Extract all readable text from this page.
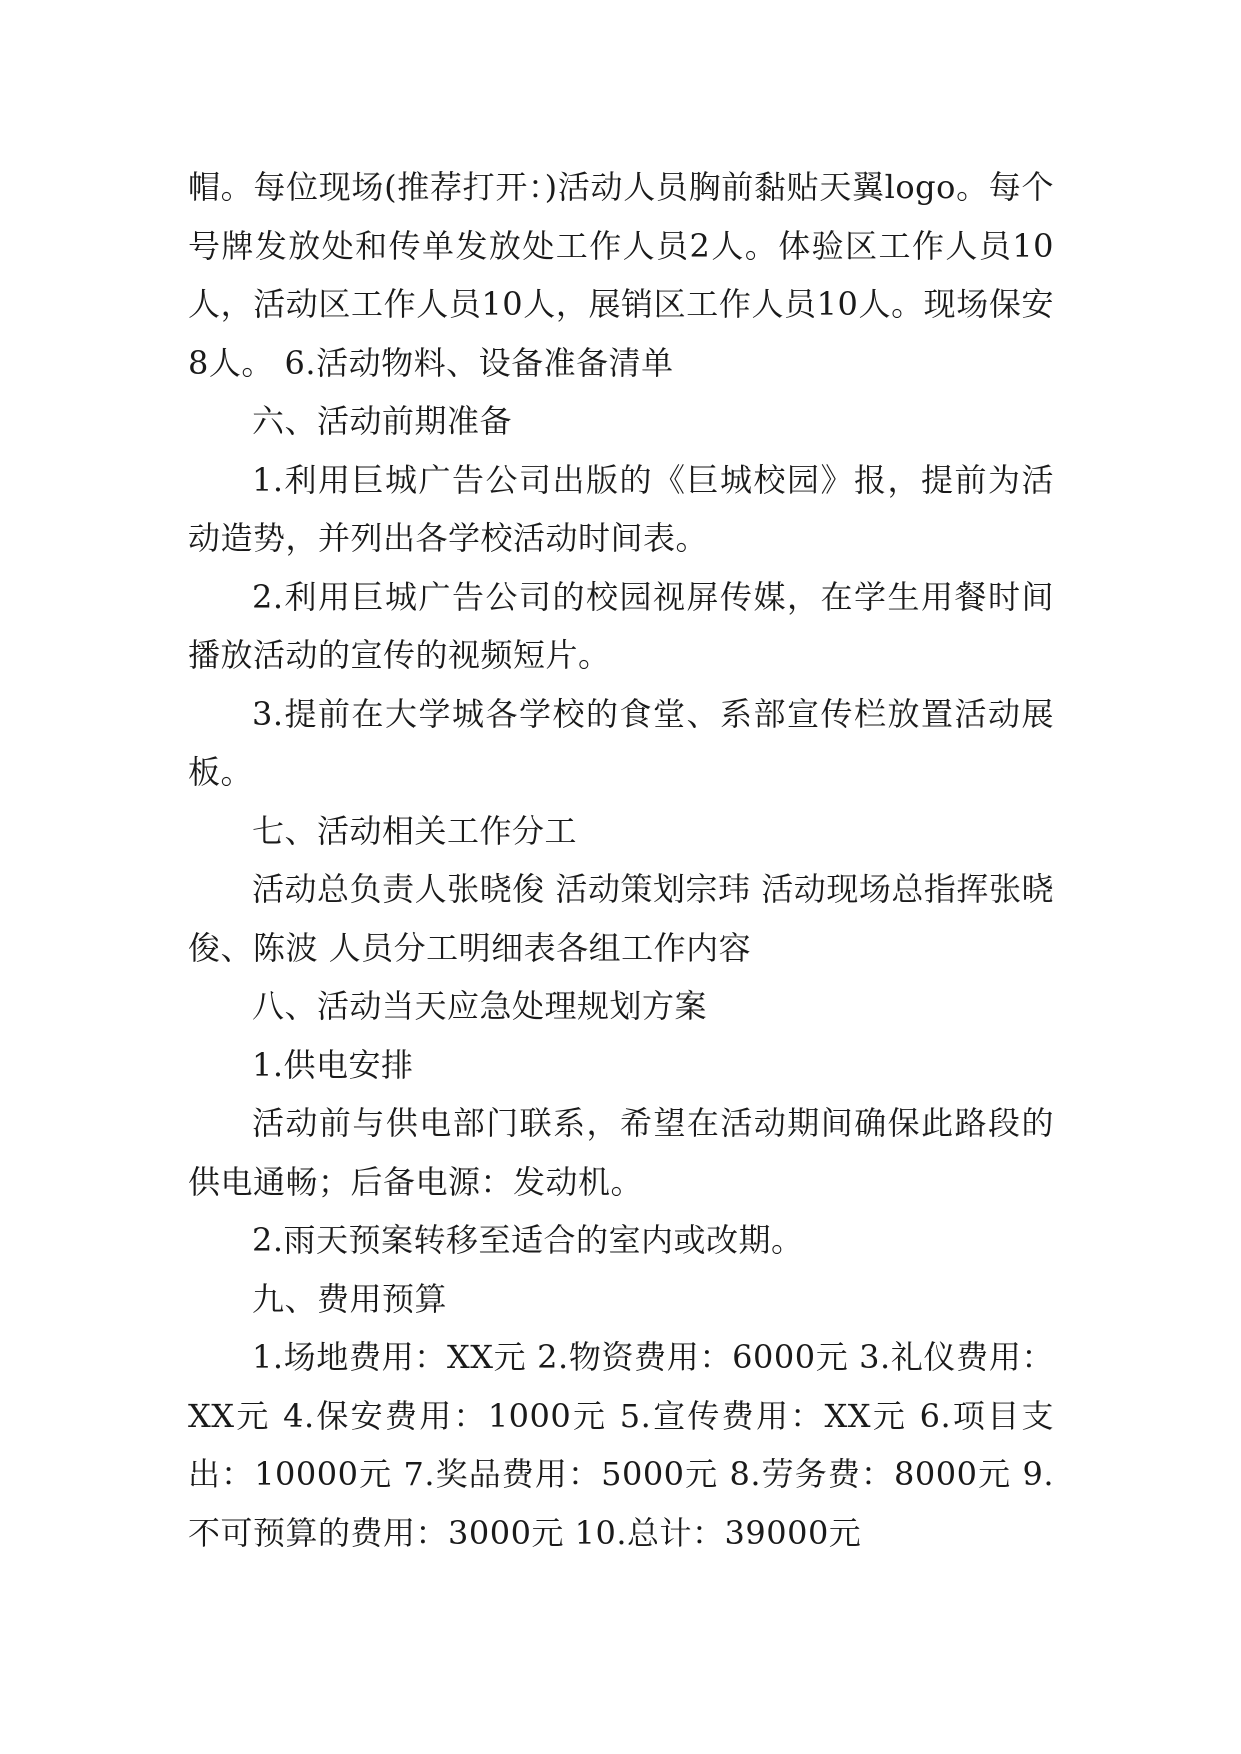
帽。每位现场(推荐打开：)活动人员胸前黏贴天翼logo。每个号牌发放处和传单发放处工作人员2人。体验区工作人员10人，活动区工作人员10人，展销区工作人员10人。现场保安8人。 6.活动物料、设备准备清单

六、活动前期准备

1.利用巨城广告公司出版的《巨城校园》报，提前为活动造势，并列出各学校活动时间表。

2.利用巨城广告公司的校园视屏传媒，在学生用餐时间播放活动的宣传的视频短片。

3.提前在大学城各学校的食堂、系部宣传栏放置活动展板。

七、活动相关工作分工

活动总负责人张晓俊 活动策划宗玮 活动现场总指挥张晓俊、陈波 人员分工明细表各组工作内容

八、活动当天应急处理规划方案

1.供电安排

活动前与供电部门联系，希望在活动期间确保此路段的供电通畅；后备电源：发动机。

2.雨天预案转移至适合的室内或改期。

九、费用预算

1.场地费用：XX元 2.物资费用：6000元 3.礼仪费用：XX元 4.保安费用：1000元 5.宣传费用：XX元 6.项目支出：10000元 7.奖品费用：5000元 8.劳务费：8000元 9.不可预算的费用：3000元 10.总计：39000元
